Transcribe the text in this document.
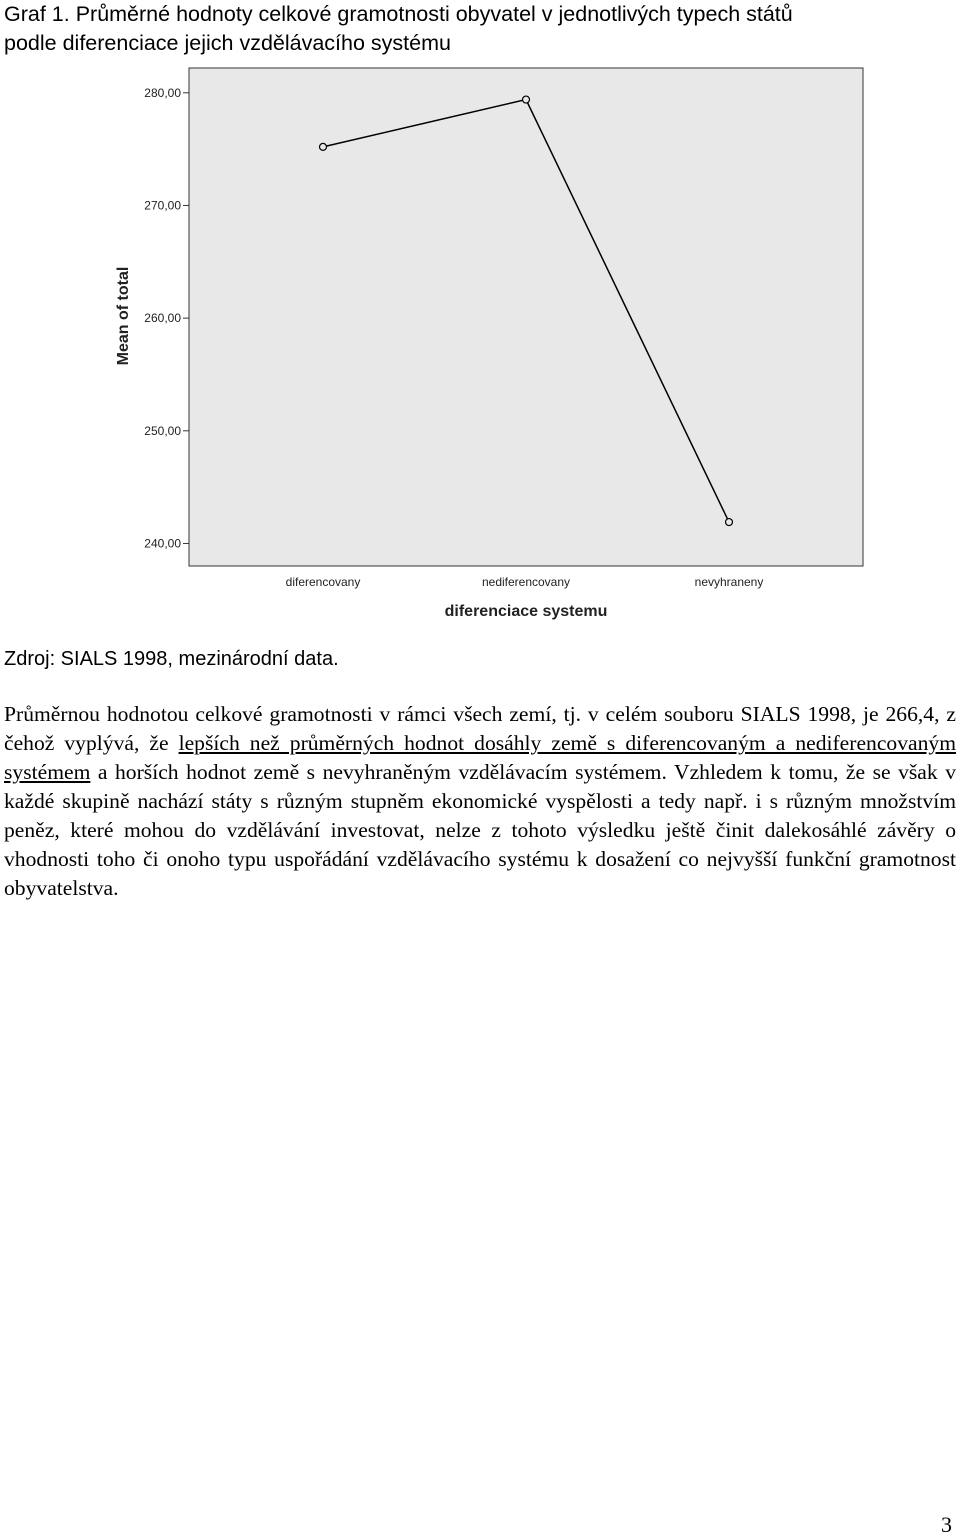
Graf 1. Průměrné hodnoty celkové gramotnosti obyvatel v jednotlivých typech států
podle diferenciace jejich vzdělávacího systému
280,00
270,00
260,00
250,00
240,00
diferencovany	nediferencovany	nevyhraneny
Mean of total
diferenciace systemu
Zdroj: SIALS 1998, mezinárodní data.
Průměrnou hodnotou celkové gramotnosti v rámci všech zemí, tj. v celém souboru SIALS 1998, je 266,4, z čehož vyplývá, že lepších než průměrných hodnot dosáhly země s diferencovaným a nediferencovaným systémem a horších hodnot země s nevyhraněným vzdělávacím systémem. Vzhledem k tomu, že se však v každé skupině nachází státy s různým stupněm ekonomické vyspělosti a tedy např. i s různým množstvím peněz, které mohou do vzdělávání investovat, nelze z tohoto výsledku ještě činit dalekosáhlé závěry o vhodnosti toho či onoho typu uspořádání vzdělávacího systému k dosažení co nejvyšší funkční gramotnost obyvatelstva.
3
